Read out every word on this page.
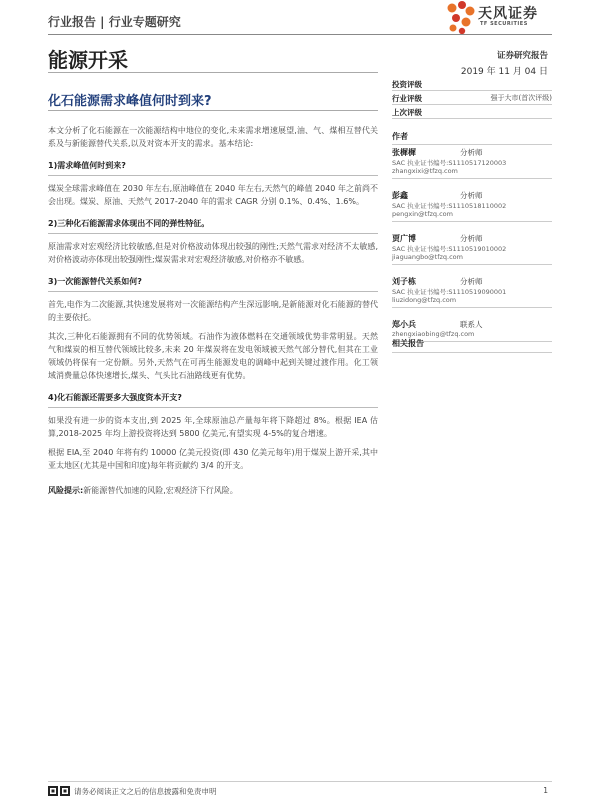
行业报告 | 行业专题研究	天风证券
TF SECURITIES
能源开采	证券研究报告
2019 年 11 月 04 日
化石能源需求峰值何时到来?

本文分析了化石能源在一次能源结构中地位的变化,未来需求增速展望,油、气、煤相互替代关系及与新能源替代关系,以及对资本开支的需求。基本结论:

1)需求峰值何时到来?

煤炭全球需求峰值在 2030 年左右,原油峰值在 2040 年左右,天然气的峰值 2040 年之前尚不会出现。煤炭、原油、天然气 2017-2040 年的需求 CAGR 分别 0.1%、0.4%、1.6%。

2)三种化石能源需求体现出不同的弹性特征。

原油需求对宏观经济比较敏感,但是对价格波动体现出较强的刚性;天然气需求对经济不太敏感,对价格波动亦体现出较强刚性;煤炭需求对宏观经济敏感,对价格亦不敏感。

3)一次能源替代关系如何?

首先,电作为二次能源,其快速发展将对一次能源结构产生深远影响,是新能源对化石能源的替代的主要依托。

其次,三种化石能源拥有不同的优势领域。石油作为液体燃料在交通领域优势非常明显。天然气和煤炭的相互替代领域比较多,未来 20 年煤炭将在发电领域被天然气部分替代,但其在工业领域仍将保有一定份额。另外,天然气在可再生能源发电的调峰中起到关键过渡作用。化工领域消费量总体快速增长,煤头、气头比石油路线更有优势。

4)化石能源还需要多大强度资本开支?

如果没有进一步的资本支出,到 2025 年,全球原油总产量每年将下降超过 8%。根据 IEA 估算,2018-2025 年均上游投资将达到 5800 亿美元,有望实现 4-5%的复合增速。

根据 EIA,至 2040 年将有约 10000 亿美元投资(即 430 亿美元每年)用于煤炭上游开采,其中亚太地区(尤其是中国和印度)每年将贡献约 3/4 的开支。

风险提示:新能源替代加速的风险,宏观经济下行风险。

投资评级
行业评级	强于大市(首次评级)
上次评级
作者
张樨樨	分析师
SAC 执业证书编号:S1110517120003
zhangxixi@tfzq.com
彭鑫	分析师
SAC 执业证书编号:S1110518110002
pengxin@tfzq.com
贾广博	分析师
SAC 执业证书编号:S1110519010002
jiaguangbo@tfzq.com
刘子栋	分析师
SAC 执业证书编号:S1110519090001
liuzidong@tfzq.com
郑小兵	联系人
zhengxiaobing@tfzq.com
相关报告
请务必阅读正文之后的信息披露和免责申明	1
